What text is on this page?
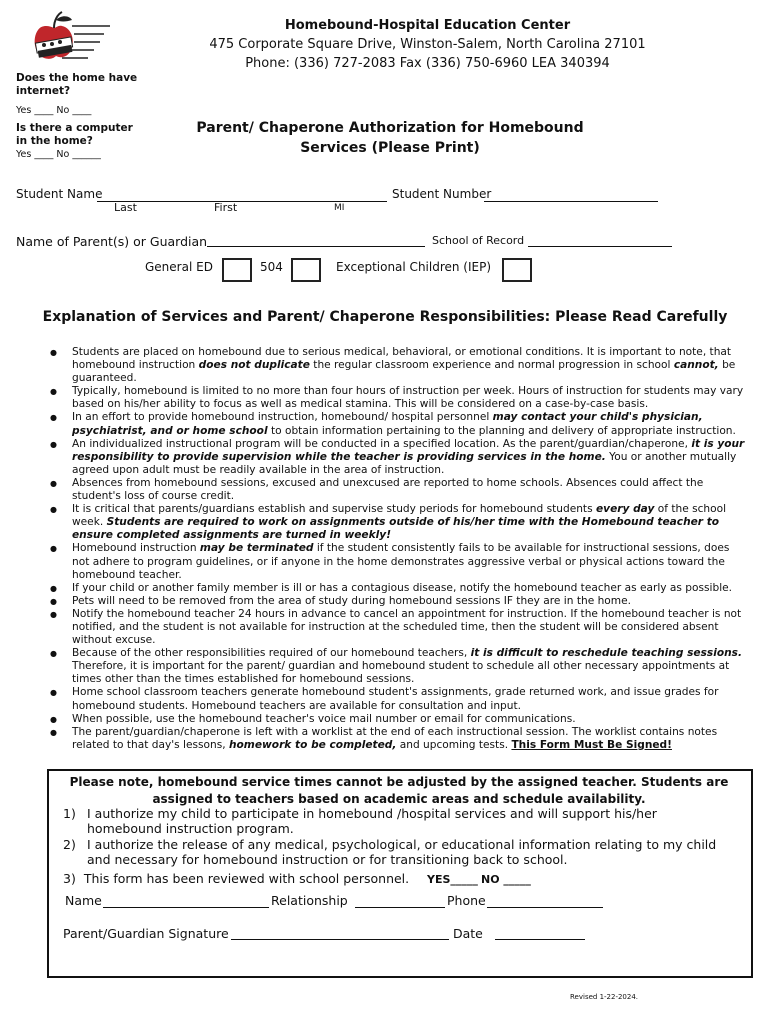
Homebound-Hospital Education Center
475 Corporate Square Drive, Winston-Salem, North Carolina 27101
Phone: (336) 727-2083 Fax (336) 750-6960 LEA 340394
Does the home have internet?
Yes ____ No ____
Is there a computer in the home?
Yes ____ No ______
Parent/ Chaperone Authorization for Homebound
Services (Please Print)
Student Name
Last	First	MI
Student Number
Name of Parent(s) or Guardian	School of Record
General ED	504	Exceptional Children (IEP)
Explanation of Services and Parent/ Chaperone Responsibilities: Please Read Carefully
● Students are placed on homebound due to serious medical, behavioral, or emotional conditions. It is important to note, that homebound instruction does not duplicate the regular classroom experience and normal progression in school cannot, be guaranteed.
● Typically, homebound is limited to no more than four hours of instruction per week. Hours of instruction for students may vary based on his/her ability to focus as well as medical stamina. This will be considered on a case-by-case basis.
● In an effort to provide homebound instruction, homebound/ hospital personnel may contact your child's physician, psychiatrist, and or home school to obtain information pertaining to the planning and delivery of appropriate instruction.
● An individualized instructional program will be conducted in a specified location. As the parent/guardian/chaperone, it is your responsibility to provide supervision while the teacher is providing services in the home. You or another mutually agreed upon adult must be readily available in the area of instruction.
● Absences from homebound sessions, excused and unexcused are reported to home schools. Absences could affect the student's loss of course credit.
● It is critical that parents/guardians establish and supervise study periods for homebound students every day of the school week. Students are required to work on assignments outside of his/her time with the Homebound teacher to ensure completed assignments are turned in weekly!
● Homebound instruction may be terminated if the student consistently fails to be available for instructional sessions, does not adhere to program guidelines, or if anyone in the home demonstrates aggressive verbal or physical actions toward the homebound teacher.
● If your child or another family member is ill or has a contagious disease, notify the homebound teacher as early as possible.
● Pets will need to be removed from the area of study during homebound sessions IF they are in the home.
● Notify the homebound teacher 24 hours in advance to cancel an appointment for instruction. If the homebound teacher is not notified, and the student is not available for instruction at the scheduled time, then the student will be considered absent without excuse.
● Because of the other responsibilities required of our homebound teachers, it is difficult to reschedule teaching sessions. Therefore, it is important for the parent/ guardian and homebound student to schedule all other necessary appointments at times other than the times established for homebound sessions.
● Home school classroom teachers generate homebound student's assignments, grade returned work, and issue grades for homebound students. Homebound teachers are available for consultation and input.
● When possible, use the homebound teacher's voice mail number or email for communications.
● The parent/guardian/chaperone is left with a worklist at the end of each instructional session. The worklist contains notes related to that day's lessons, homework to be completed, and upcoming tests. This Form Must Be Signed!
Please note, homebound service times cannot be adjusted by the assigned teacher. Students are assigned to teachers based on academic areas and schedule availability.
1) I authorize my child to participate in homebound /hospital services and will support his/her homebound instruction program.
2) I authorize the release of any medical, psychological, or educational information relating to my child and necessary for homebound instruction or for transitioning back to school.
3) This form has been reviewed with school personnel. YES_____ NO _____
Name	Relationship	Phone
Parent/Guardian Signature	Date
Revised 1-22-2024.
